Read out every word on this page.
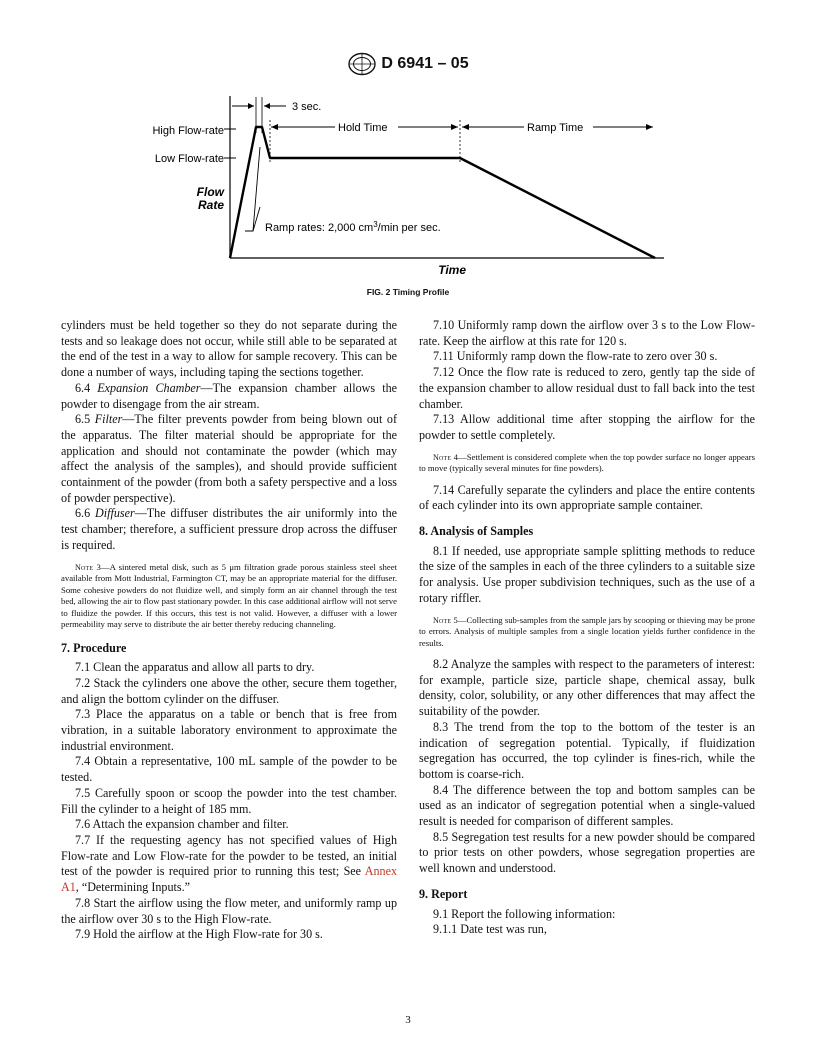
D 6941 – 05
High Flow-rate
Low Flow-rate
Flow
Rate
3 sec.
Hold Time	Ramp Time
Ramp rates: 2,000 $cm^3/\min$ per sec.
Time
FIG. 2 Timing Profile

cylinders must be held together so they do not separate during the tests and so leakage does not occur, while still able to be separated at the end of the test in a way to allow for sample recovery. This can be done a number of ways, including taping the sections together.

6.4 Expansion Chamber—The expansion chamber allows the powder to disengage from the air stream.

6.5 Filter—The filter prevents powder from being blown out of the apparatus. The filter material should be appropriate for the application and should not contaminate the powder (which may affect the analysis of the samples), and should provide sufficient containment of the powder (from both a safety perspective and a loss of powder perspective).

6.6 Diffuser—The diffuser distributes the air uniformly into the test chamber; therefore, a sufficient pressure drop across the diffuser is required.

Note 3—A sintered metal disk, such as 5 μm filtration grade porous stainless steel sheet available from Mott Industrial, Farmington CT, may be an appropriate material for the diffuser. Some cohesive powders do not fluidize well, and simply form an air channel through the test bed, allowing the air to flow past stationary powder. In this case additional airflow will not serve to fluidize the powder. If this occurs, this test is not valid. However, a diffuser with a lower permeability may serve to distribute the air better thereby reducing channeling.
7. Procedure

7.1 Clean the apparatus and allow all parts to dry.

7.2 Stack the cylinders one above the other, secure them together, and align the bottom cylinder on the diffuser.

7.3 Place the apparatus on a table or bench that is free from vibration, in a suitable laboratory environment to approximate the industrial environment.

7.4 Obtain a representative, 100 mL sample of the powder to be tested.

7.5 Carefully spoon or scoop the powder into the test chamber. Fill the cylinder to a height of 185 mm.

7.6 Attach the expansion chamber and filter.

7.7 If the requesting agency has not specified values of High Flow-rate and Low Flow-rate for the powder to be tested, an initial test of the powder is required prior to running this test; See Annex A1, “Determining Inputs.”

7.8 Start the airflow using the flow meter, and uniformly ramp up the airflow over 30 s to the High Flow-rate.

7.9 Hold the airflow at the High Flow-rate for 30 s.

7.10 Uniformly ramp down the airflow over 3 s to the Low Flow-rate. Keep the airflow at this rate for 120 s.

7.11 Uniformly ramp down the flow-rate to zero over 30 s.

7.12 Once the flow rate is reduced to zero, gently tap the side of the expansion chamber to allow residual dust to fall back into the test chamber.

7.13 Allow additional time after stopping the airflow for the powder to settle completely.

Note 4—Settlement is considered complete when the top powder surface no longer appears to move (typically several minutes for fine powders).

7.14 Carefully separate the cylinders and place the entire contents of each cylinder into its own appropriate sample container.

8. Analysis of Samples

8.1 If needed, use appropriate sample splitting methods to reduce the size of the samples in each of the three cylinders to a suitable size for analysis. Use proper subdivision techniques, such as the use of a rotary riffler.

Note 5—Collecting sub-samples from the sample jars by scooping or thieving may be prone to errors. Analysis of multiple samples from a single location yields further confidence in the results.

8.2 Analyze the samples with respect to the parameters of interest: for example, particle size, particle shape, chemical assay, bulk density, color, solubility, or any other differences that may affect the suitability of the powder.

8.3 The trend from the top to the bottom of the tester is an indication of segregation potential. Typically, if fluidization segregation has occurred, the top cylinder is fines-rich, while the bottom is coarse-rich.

8.4 The difference between the top and bottom samples can be used as an indicator of segregation potential when a single-valued result is needed for comparison of different samples.

8.5 Segregation test results for a new powder should be compared to prior tests on other powders, whose segregation properties are well known and understood.

9. Report

9.1 Report the following information:

9.1.1 Date test was run,

3
